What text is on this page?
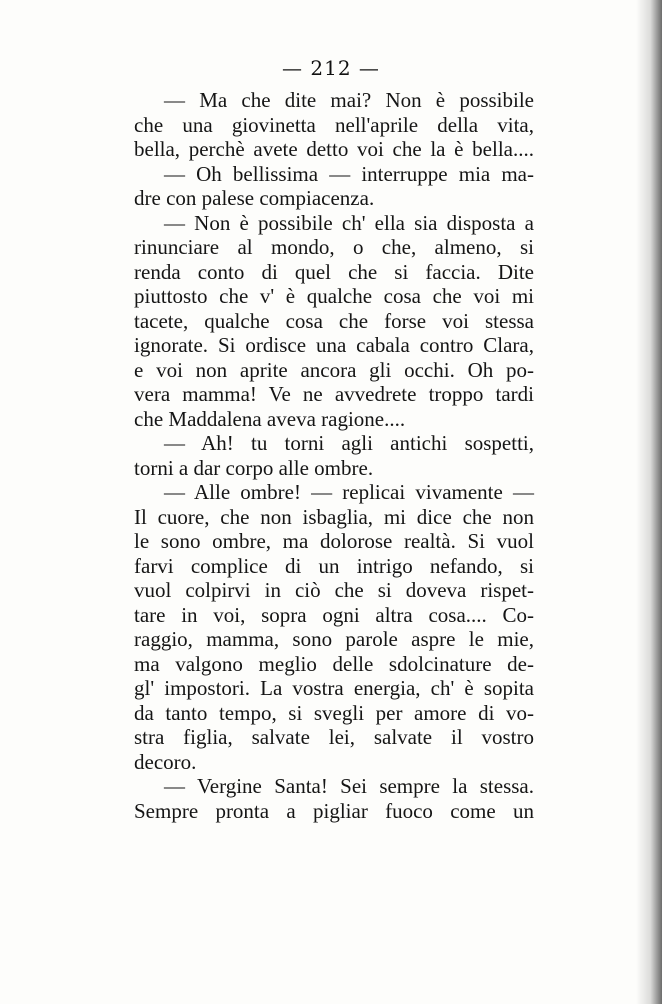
— 212 —
— Ma che dite mai? Non è possibile
che una giovinetta nell'aprile della vita,
bella, perchè avete detto voi che la è bella....
— Oh bellissima — interruppe mia ma-
dre con palese compiacenza.
— Non è possibile ch' ella sia disposta a
rinunciare al mondo, o che, almeno, si
renda conto di quel che si faccia. Dite
piuttosto che v' è qualche cosa che voi mi
tacete, qualche cosa che forse voi stessa
ignorate. Si ordisce una cabala contro Clara,
e voi non aprite ancora gli occhi. Oh po-
vera mamma! Ve ne avvedrete troppo tardi
che Maddalena aveva ragione....
— Ah! tu torni agli antichi sospetti,
torni a dar corpo alle ombre.
— Alle ombre! — replicai vivamente —
Il cuore, che non isbaglia, mi dice che non
le sono ombre, ma dolorose realtà. Si vuol
farvi complice di un intrigo nefando, si
vuol colpirvi in ciò che si doveva rispet-
tare in voi, sopra ogni altra cosa.... Co-
raggio, mamma, sono parole aspre le mie,
ma valgono meglio delle sdolcinature de-
gl' impostori. La vostra energia, ch' è sopita
da tanto tempo, si svegli per amore di vo-
stra figlia, salvate lei, salvate il vostro
decoro.
— Vergine Santa! Sei sempre la stessa.
Sempre pronta a pigliar fuoco come un
